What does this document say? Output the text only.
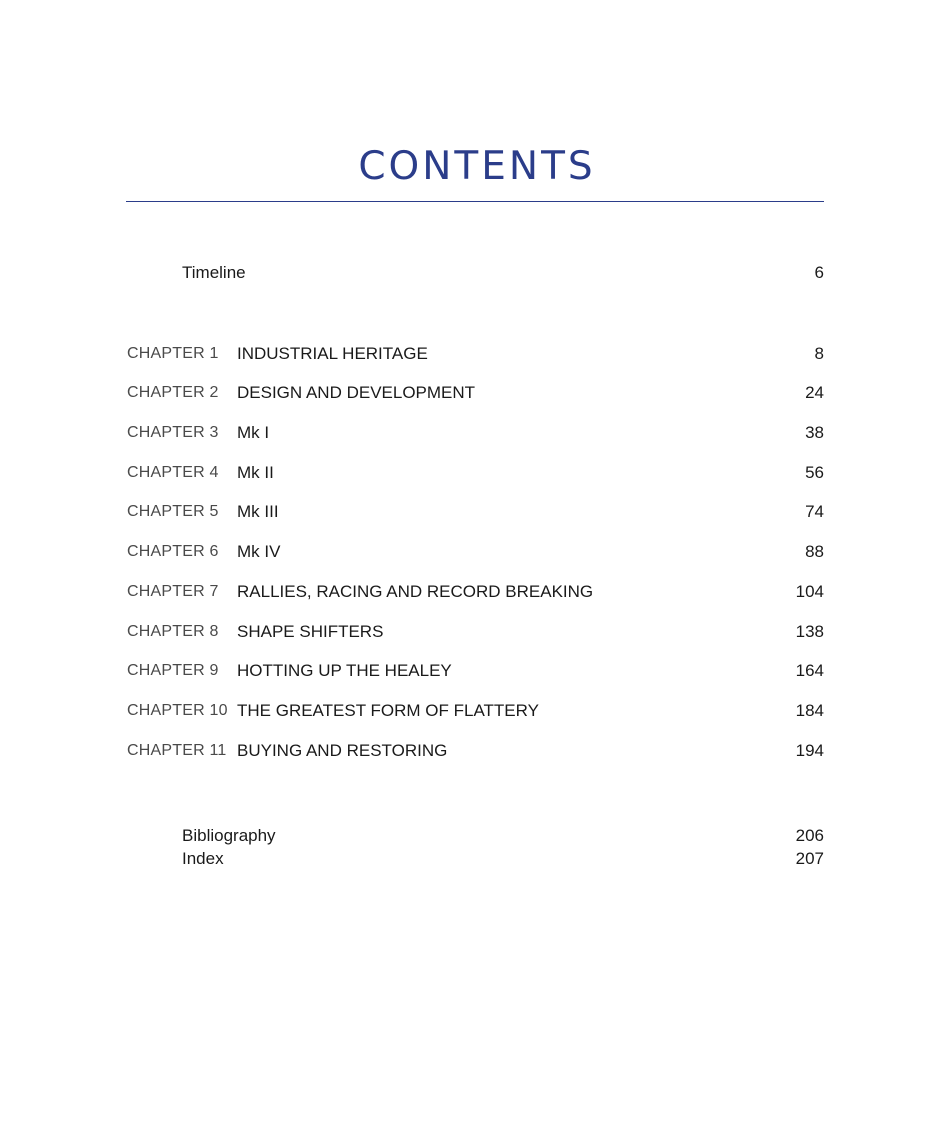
CONTENTS
Timeline	6
CHAPTER 1 INDUSTRIAL HERITAGE	8
CHAPTER 2 DESIGN AND DEVELOPMENT	24
CHAPTER 3 Mk I	38
CHAPTER 4 Mk II	56
CHAPTER 5 Mk III	74
CHAPTER 6 Mk IV	88
CHAPTER 7 RALLIES, RACING AND RECORD BREAKING	104
CHAPTER 8 SHAPE SHIFTERS	138
CHAPTER 9 HOTTING UP THE HEALEY	164
CHAPTER 10 THE GREATEST FORM OF FLATTERY	184
CHAPTER 11 BUYING AND RESTORING	194
Bibliography	206
Index	207
